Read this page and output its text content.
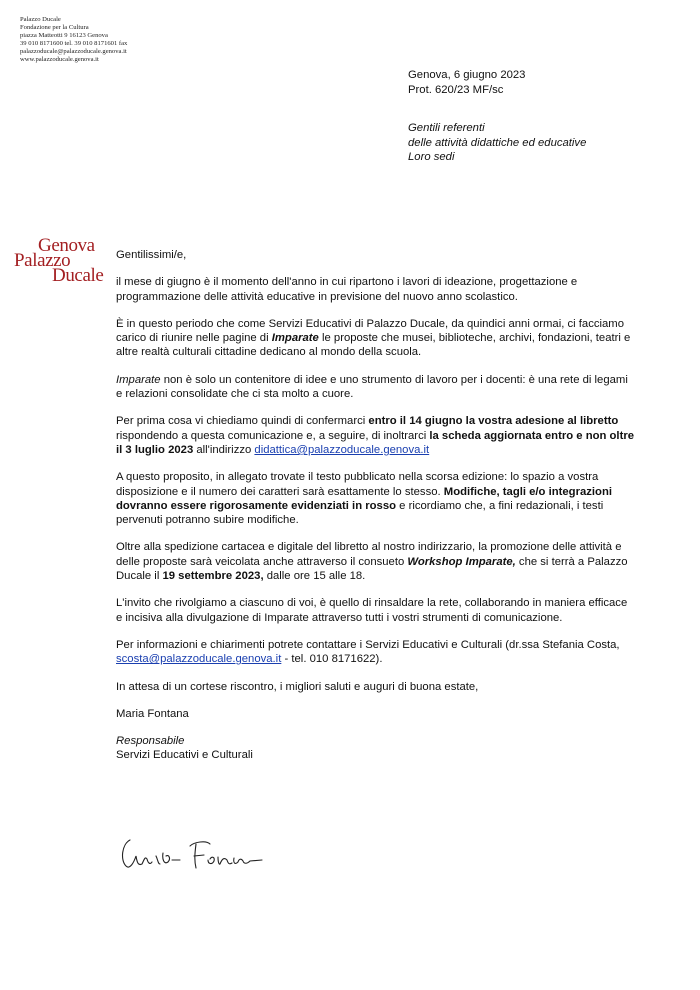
Palazzo Ducale
Fondazione per la Cultura
piazza Matteotti 9 16123 Genova
39 010 8171600 tel. 39 010 8171601 fax
palazzoducale@palazzoducale.genova.it
www.palazzoducale.genova.it
Genova, 6 giugno 2023
Prot. 620/23 MF/sc
Gentili referenti
delle attività didattiche ed educative
Loro sedi
Genova
Palazzo
Ducale

Gentilissimi/e,

il mese di giugno è il momento dell'anno in cui ripartono i lavori di ideazione, progettazione e programmazione delle attività educative in previsione del nuovo anno scolastico.

È in questo periodo che come Servizi Educativi di Palazzo Ducale, da quindici anni ormai, ci facciamo carico di riunire nelle pagine di Imparate le proposte che musei, biblioteche, archivi, fondazioni, teatri e altre realtà culturali cittadine dedicano al mondo della scuola.

Imparate non è solo un contenitore di idee e uno strumento di lavoro per i docenti: è una rete di legami e relazioni consolidate che ci sta molto a cuore.

Per prima cosa vi chiediamo quindi di confermarci entro il 14 giugno la vostra adesione al libretto rispondendo a questa comunicazione e, a seguire, di inoltrarci la scheda aggiornata entro e non oltre il 3 luglio 2023 all'indirizzo didattica@palazzoducale.genova.it

A questo proposito, in allegato trovate il testo pubblicato nella scorsa edizione: lo spazio a vostra disposizione e il numero dei caratteri sarà esattamente lo stesso. Modifiche, tagli e/o integrazioni dovranno essere rigorosamente evidenziati in rosso e ricordiamo che, a fini redazionali, i testi pervenuti potranno subire modifiche.

Oltre alla spedizione cartacea e digitale del libretto al nostro indirizzario, la promozione delle attività e delle proposte sarà veicolata anche attraverso il consueto Workshop Imparate, che si terrà a Palazzo Ducale il 19 settembre 2023, dalle ore 15 alle 18.

L'invito che rivolgiamo a ciascuno di voi, è quello di rinsaldare la rete, collaborando in maniera efficace e incisiva alla divulgazione di Imparate attraverso tutti i vostri strumenti di comunicazione.

Per informazioni e chiarimenti potrete contattare i Servizi Educativi e Culturali (dr.ssa Stefania Costa, scosta@palazzoducale.genova.it - tel. 010 8171622).

In attesa di un cortese riscontro, i migliori saluti e auguri di buona estate,

Maria Fontana

Responsabile
Servizi Educativi e Culturali
